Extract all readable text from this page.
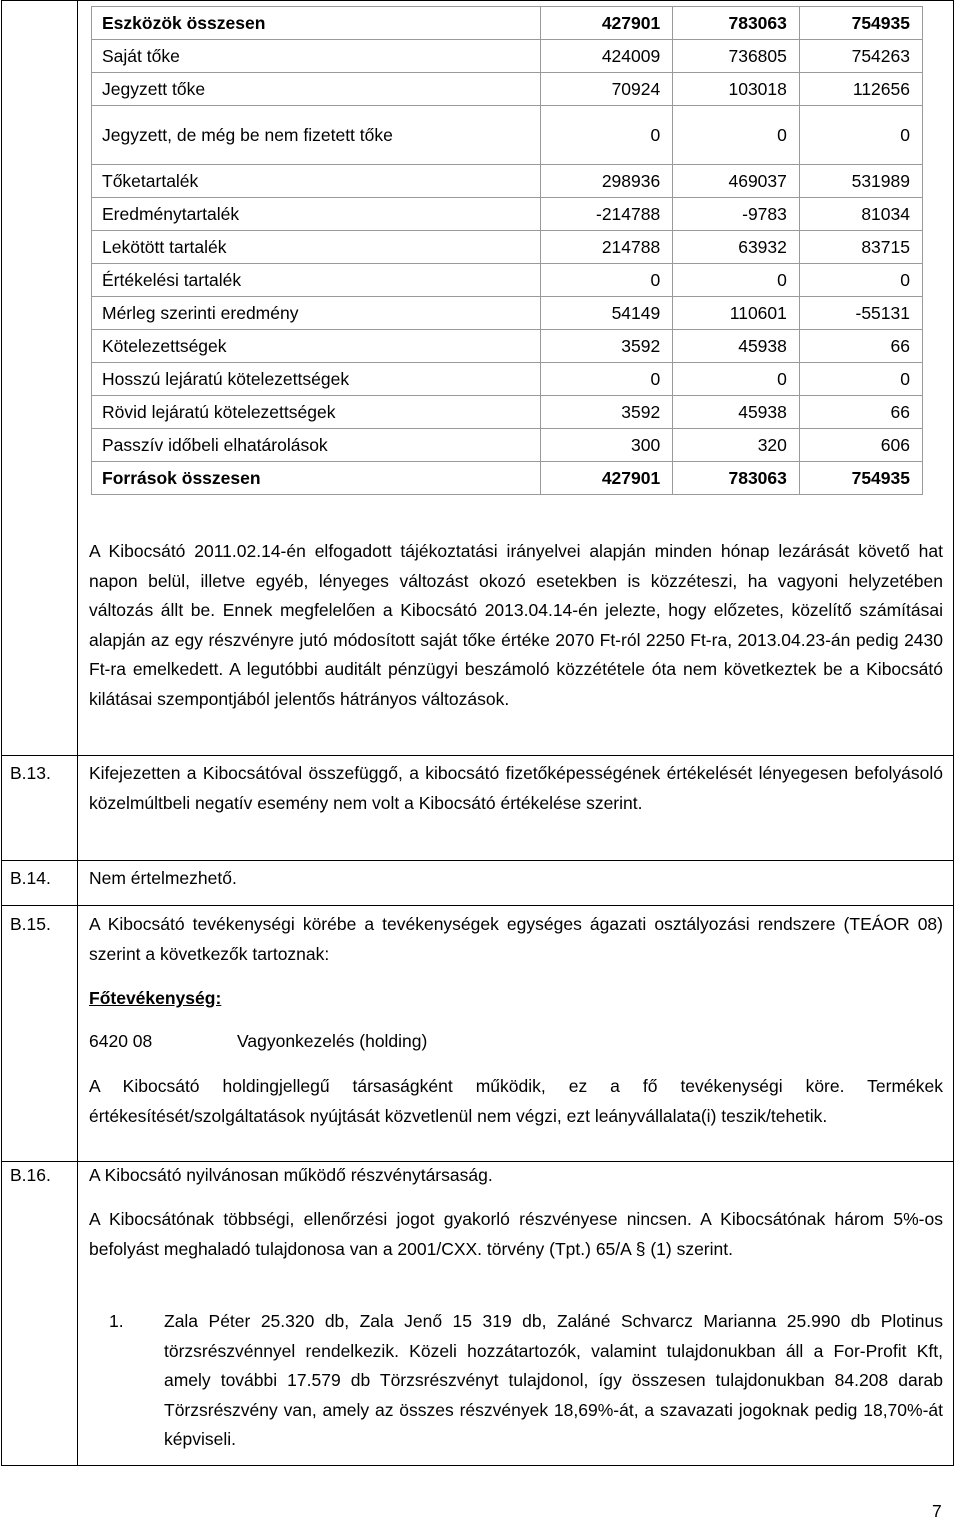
Eszközök összesen	427901	783063	754935
Saját tőke	424009	736805	754263
Jegyzett tőke	70924	103018	112656
Jegyzett, de még be nem fizetett tőke	0	0	0
Tőketartalék	298936	469037	531989
Eredménytartalék	-214788	-9783	81034
Lekötött tartalék	214788	63932	83715
Értékelési tartalék	0	0	0
Mérleg szerinti eredmény	54149	110601	-55131
Kötelezettségek	3592	45938	66
Hosszú lejáratú kötelezettségek	0	0	0
Rövid lejáratú kötelezettségek	3592	45938	66
Passzív időbeli elhatárolások	300	320	606
Források összesen	427901	783063	754935

A Kibocsátó 2011.02.14-én elfogadott tájékoztatási irányelvei alapján minden hónap lezárását követő hat napon belül, illetve egyéb, lényeges változást okozó esetekben is közzéteszi, ha vagyoni helyzetében változás állt be. Ennek megfelelően a Kibocsátó 2013.04.14-én jelezte, hogy előzetes, közelítő számításai alapján az egy részvényre jutó módosított saját tőke értéke 2070 Ft-ról 2250 Ft-ra, 2013.04.23-án pedig 2430 Ft-ra emelkedett. A legutóbbi auditált pénzügyi beszámoló közzététele óta nem következtek be a Kibocsátó kilátásai szempontjából jelentős hátrányos változások.

B.13. Kifejezetten a Kibocsátóval összefüggő, a kibocsátó fizetőképességének értékelését lényegesen befolyásoló közelmúltbeli negatív esemény nem volt a Kibocsátó értékelése szerint.

B.14. Nem értelmezhető.

B.15. A Kibocsátó tevékenységi körébe a tevékenységek egységes ágazati osztályozási rendszere (TEÁOR 08) szerint a következők tartoznak:

Főtevékenység:

6420 08	Vagyonkezelés (holding)

A Kibocsátó holdingjellegű társaságként működik, ez a fő tevékenységi köre. Termékek értékesítését/szolgáltatások nyújtását közvetlenül nem végzi, ezt leányvállalata(i) teszik/tehetik.

B.16. A Kibocsátó nyilvánosan működő részvénytársaság.

A Kibocsátónak többségi, ellenőrzési jogot gyakorló részvényese nincsen. A Kibocsátónak három 5%-os befolyást meghaladó tulajdonosa van a 2001/CXX. törvény (Tpt.) 65/A § (1) szerint.

1. Zala Péter 25.320 db, Zala Jenő 15 319 db, Zaláné Schvarcz Marianna 25.990 db Plotinus törzsrészvénnyel rendelkezik. Közeli hozzátartozók, valamint tulajdonukban áll a For-Profit Kft, amely további 17.579 db Törzsrészvényt tulajdonol, így összesen tulajdonukban 84.208 darab Törzsrészvény van, amely az összes részvények 18,69%-át, a szavazati jogoknak pedig 18,70%-át képviseli.
7
